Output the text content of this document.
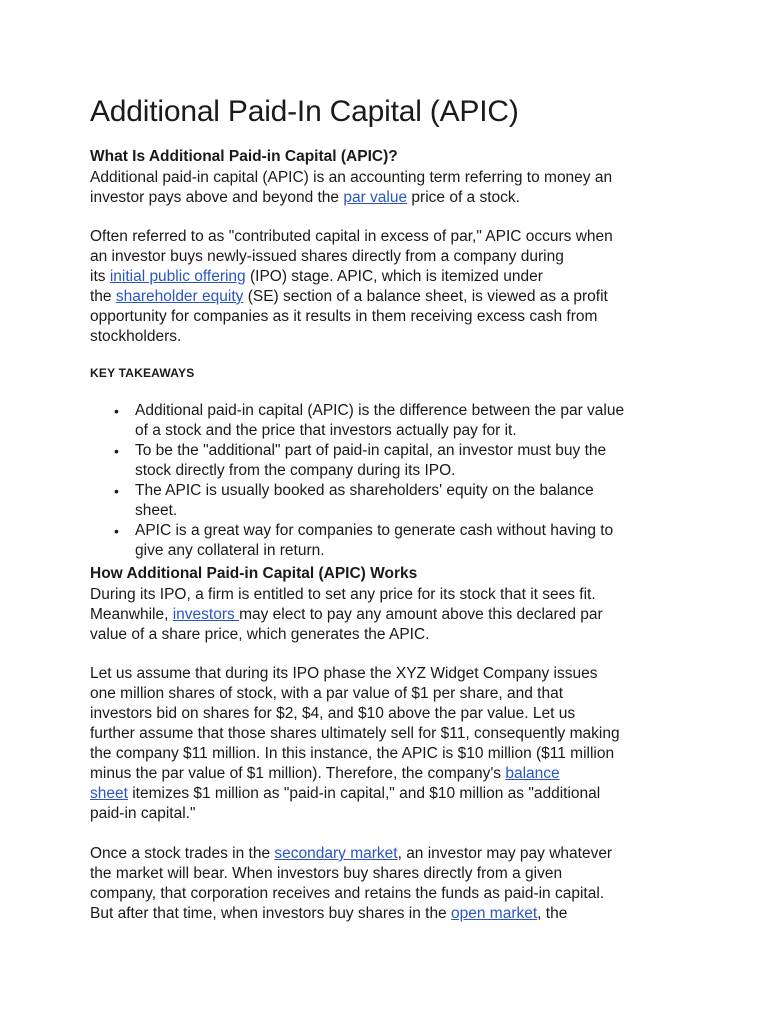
Additional Paid-In Capital (APIC)
What Is Additional Paid-in Capital (APIC)?

Additional paid-in capital (APIC) is an accounting term referring to money an
investor pays above and beyond the par value price of a stock.

Often referred to as "contributed capital in excess of par," APIC occurs when
an investor buys newly-issued shares directly from a company during
its initial public offering (IPO) stage. APIC, which is itemized under
the shareholder equity (SE) section of a balance sheet, is viewed as a profit
opportunity for companies as it results in them receiving excess cash from
stockholders.

KEY TAKEAWAYS
• Additional paid-in capital (APIC) is the difference between the par value
of a stock and the price that investors actually pay for it.
• To be the "additional" part of paid-in capital, an investor must buy the
stock directly from the company during its IPO.
• The APIC is usually booked as shareholders' equity on the balance
sheet.
• APIC is a great way for companies to generate cash without having to
give any collateral in return.
How Additional Paid-in Capital (APIC) Works

During its IPO, a firm is entitled to set any price for its stock that it sees fit.
Meanwhile, investors may elect to pay any amount above this declared par
value of a share price, which generates the APIC.

Let us assume that during its IPO phase the XYZ Widget Company issues
one million shares of stock, with a par value of $1 per share, and that
investors bid on shares for $2, $4, and $10 above the par value. Let us
further assume that those shares ultimately sell for $11, consequently making
the company $11 million. In this instance, the APIC is $10 million ($11 million
minus the par value of $1 million). Therefore, the company's balance
sheet itemizes $1 million as "paid-in capital," and $10 million as "additional
paid-in capital."

Once a stock trades in the secondary market, an investor may pay whatever
the market will bear. When investors buy shares directly from a given
company, that corporation receives and retains the funds as paid-in capital.
But after that time, when investors buy shares in the open market, the
